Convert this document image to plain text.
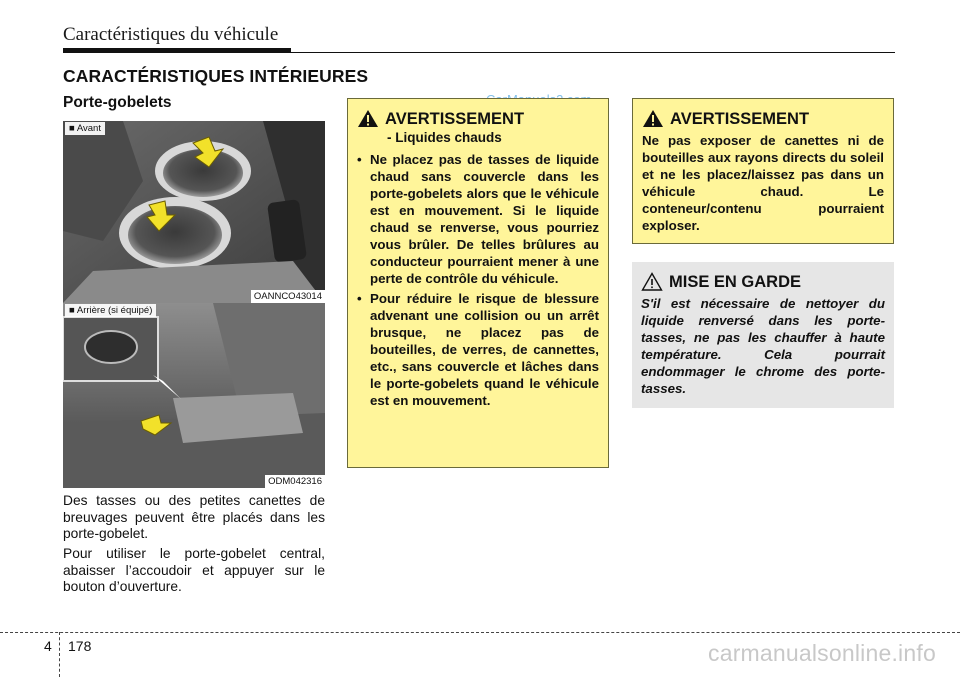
Caractéristiques du véhicule
CARACTÉRISTIQUES INTÉRIEURES
Porte-gobelets
■ Avant
OANNCO43014
■ Arrière (si équipé)
ODM042316
Des tasses ou des petites canettes de breuvages peuvent être placés dans les porte-gobelet.
Pour utiliser le porte-gobelet central, abaisser l’accoudoir et appuyer sur le bouton d’ouverture.
AVERTISSEMENT
- Liquides chauds
• Ne placez pas de tasses de liquide chaud sans couvercle dans les porte-gobelets alors que le véhicule est en mouvement. Si le liquide chaud se renverse, vous pourriez vous brûler. De telles brûlures au conducteur pourraient mener à une perte de contrôle du véhicule.
• Pour réduire le risque de blessure advenant une collision ou un arrêt brusque, ne placez pas de bouteilles, de verres, de cannettes, etc., sans couvercle et lâches dans le porte-gobelets quand le véhicule est en mouvement.
AVERTISSEMENT
Ne pas exposer de canettes ni de bouteilles aux rayons directs du soleil et ne les placez/laissez pas dans un véhicule chaud. Le conteneur/contenu pourraient exploser.
MISE EN GARDE
S'il est nécessaire de nettoyer du liquide renversé dans les porte-tasses, ne pas les chauffer à haute température. Cela pourrait endommager le chrome des porte-tasses.
4 178	carmanualsonline.info
